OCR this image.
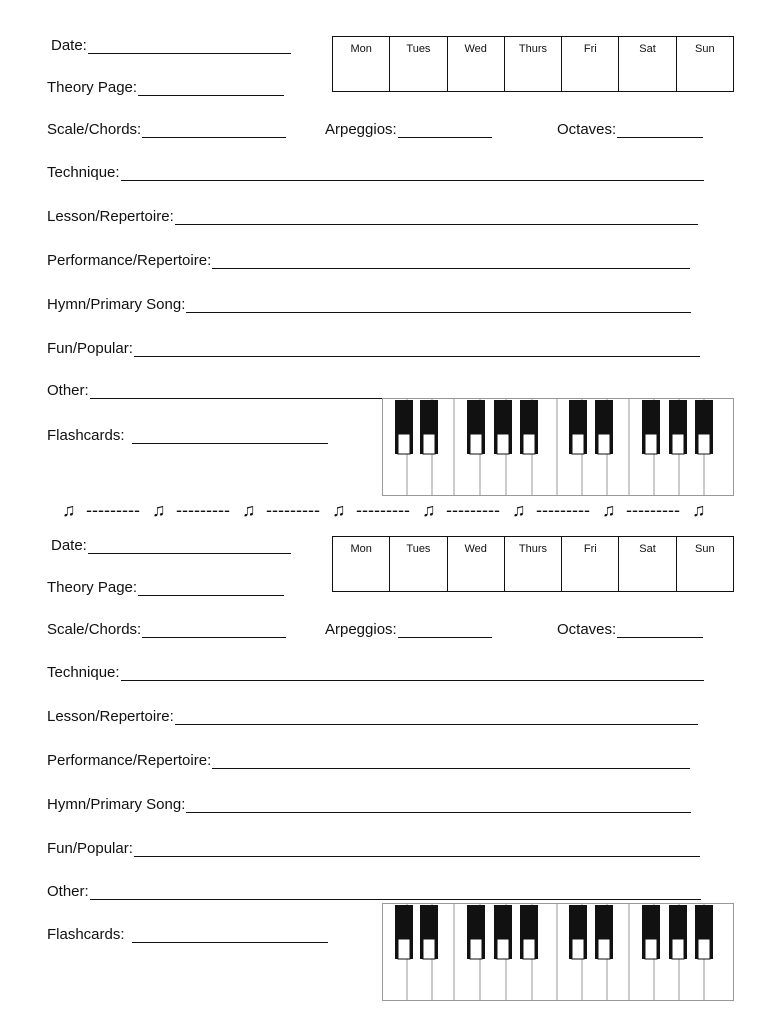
Date:	Mon	Tues	Wed	Thurs	Fri	Sat	Sun
Theory Page:
Scale/Chords:	Arpeggios:	Octaves:
Technique:
Lesson/Repertoire:
Performance/Repertoire:
Hymn/Primary Song:
Fun/Popular:
Other:
Flashcards:
♫ --------- ♫ --------- ♫ --------- ♫ --------- ♫ --------- ♫ --------- ♫ --------- ♫
Date:	Mon	Tues	Wed	Thurs	Fri	Sat	Sun
Theory Page:
Scale/Chords:	Arpeggios:	Octaves:
Technique:
Lesson/Repertoire:
Performance/Repertoire:
Hymn/Primary Song:
Fun/Popular:
Other:
Flashcards:
